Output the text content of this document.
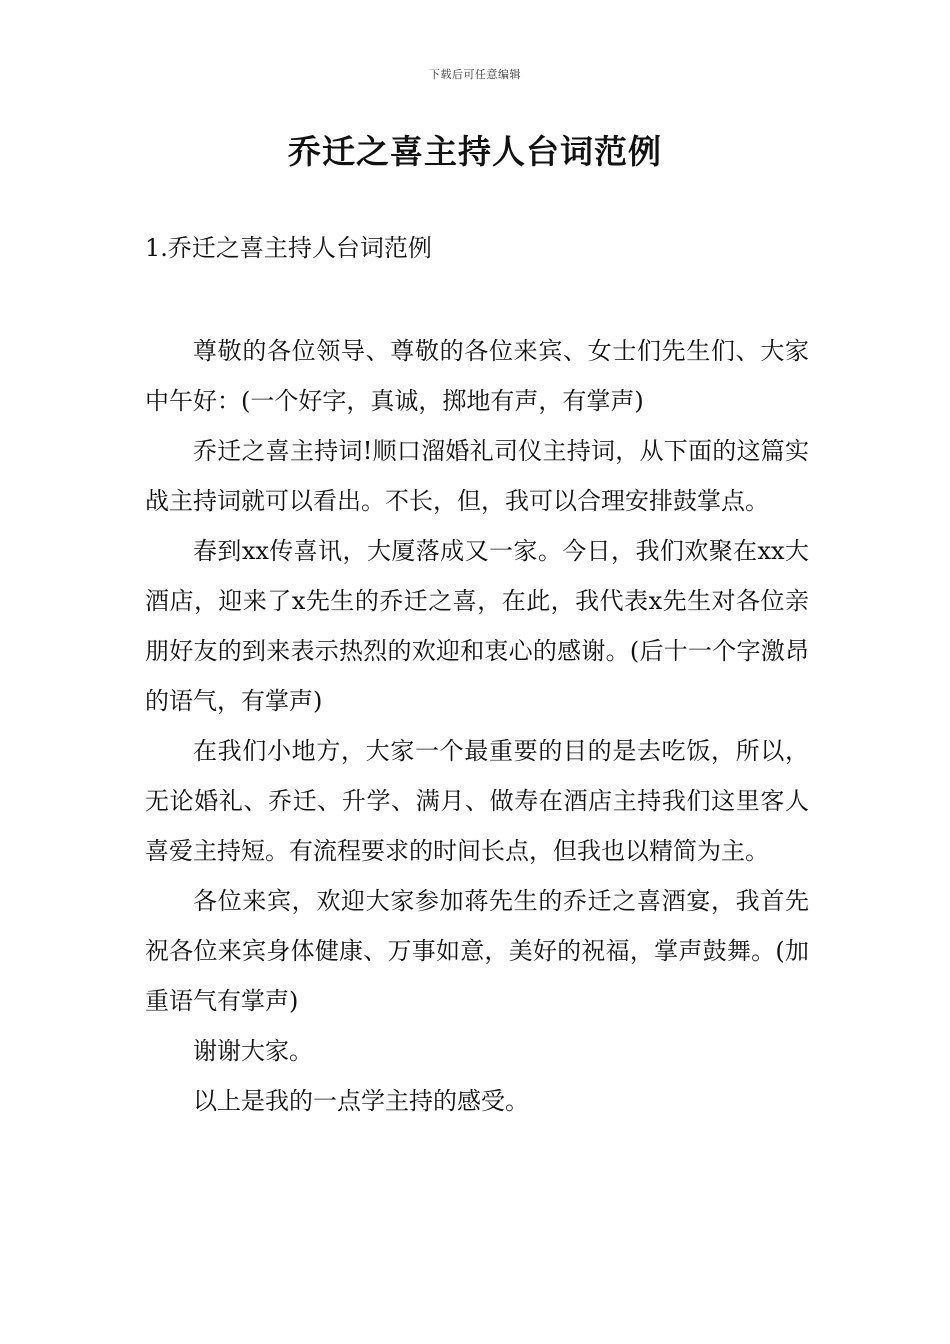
下载后可任意编辑
乔迁之喜主持人台词范例
1.乔迁之喜主持人台词范例

尊敬的各位领导、尊敬的各位来宾、女士们先生们、大家中午好：(一个好字，真诚，掷地有声，有掌声)

乔迁之喜主持词!顺口溜婚礼司仪主持词，从下面的这篇实战主持词就可以看出。不长，但，我可以合理安排鼓掌点。

春到xx传喜讯，大厦落成又一家。今日，我们欢聚在xx大酒店，迎来了x先生的乔迁之喜，在此，我代表x先生对各位亲朋好友的到来表示热烈的欢迎和衷心的感谢。(后十一个字激昂的语气，有掌声)

在我们小地方，大家一个最重要的目的是去吃饭，所以，无论婚礼、乔迁、升学、满月、做寿在酒店主持我们这里客人喜爱主持短。有流程要求的时间长点，但我也以精简为主。

各位来宾，欢迎大家参加蒋先生的乔迁之喜酒宴，我首先祝各位来宾身体健康、万事如意，美好的祝福，掌声鼓舞。(加重语气有掌声)

谢谢大家。

以上是我的一点学主持的感受。
